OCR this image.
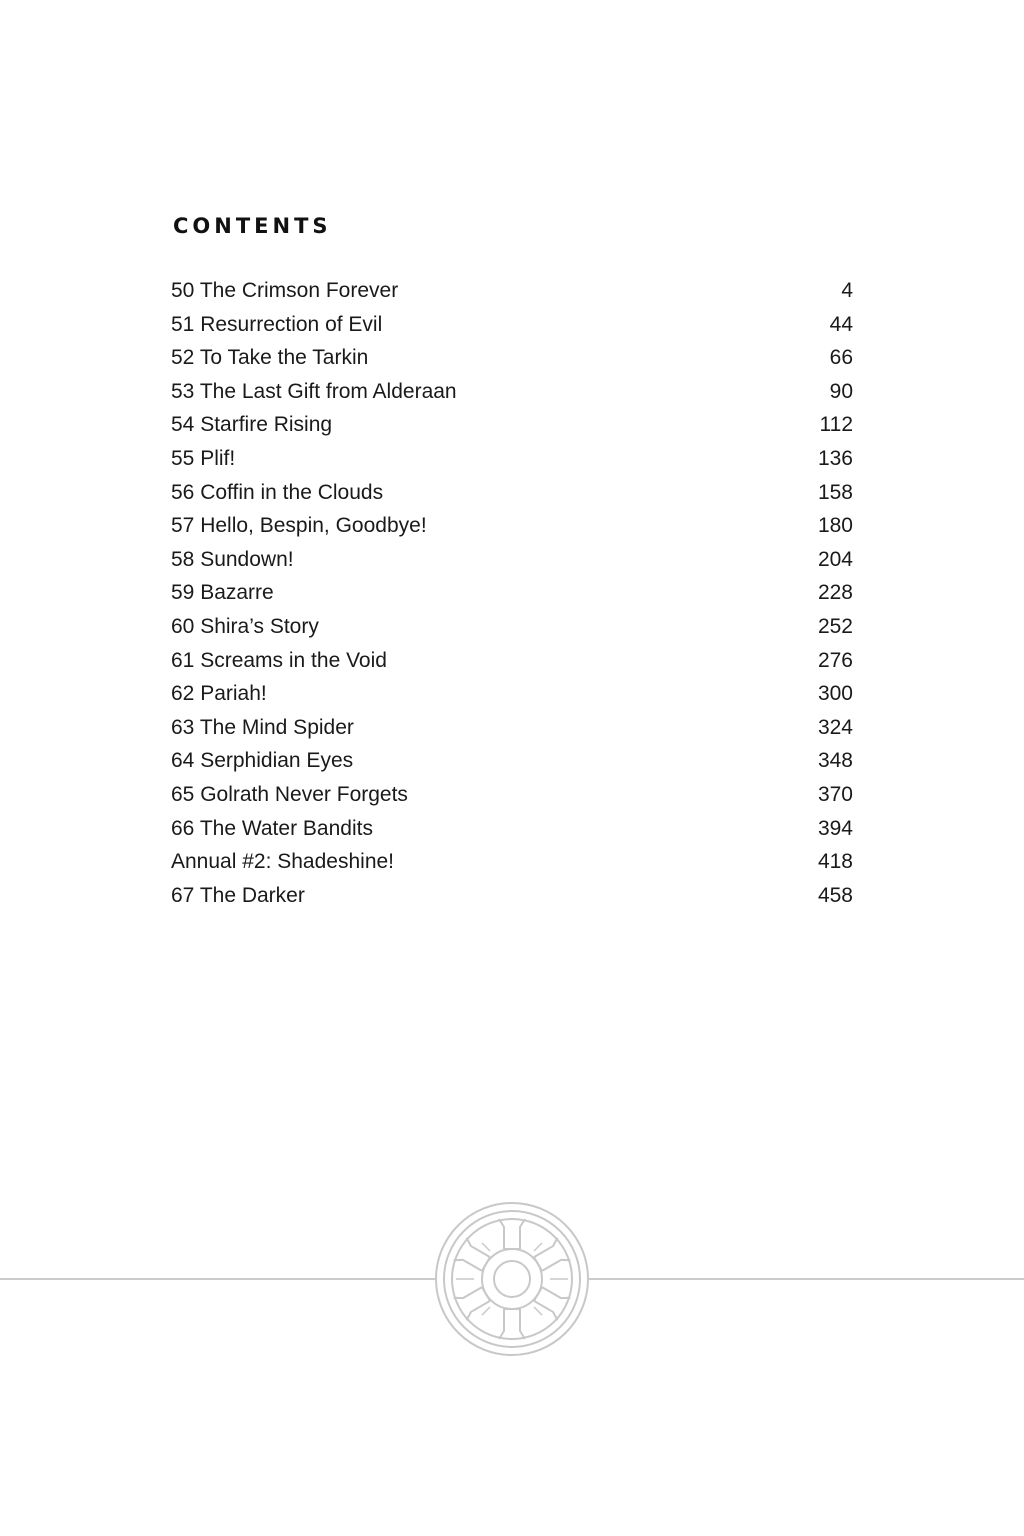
CONTENTS
50 The Crimson Forever	4
51 Resurrection of Evil	44
52 To Take the Tarkin	66
53 The Last Gift from Alderaan	90
54 Starfire Rising	112
55 Plif!	136
56 Coffin in the Clouds	158
57 Hello, Bespin, Goodbye!	180
58 Sundown!	204
59 Bazarre	228
60 Shira’s Story	252
61 Screams in the Void	276
62 Pariah!	300
63 The Mind Spider	324
64 Serphidian Eyes	348
65 Golrath Never Forgets	370
66 The Water Bandits	394
Annual #2: Shadeshine!	418
67 The Darker	458
